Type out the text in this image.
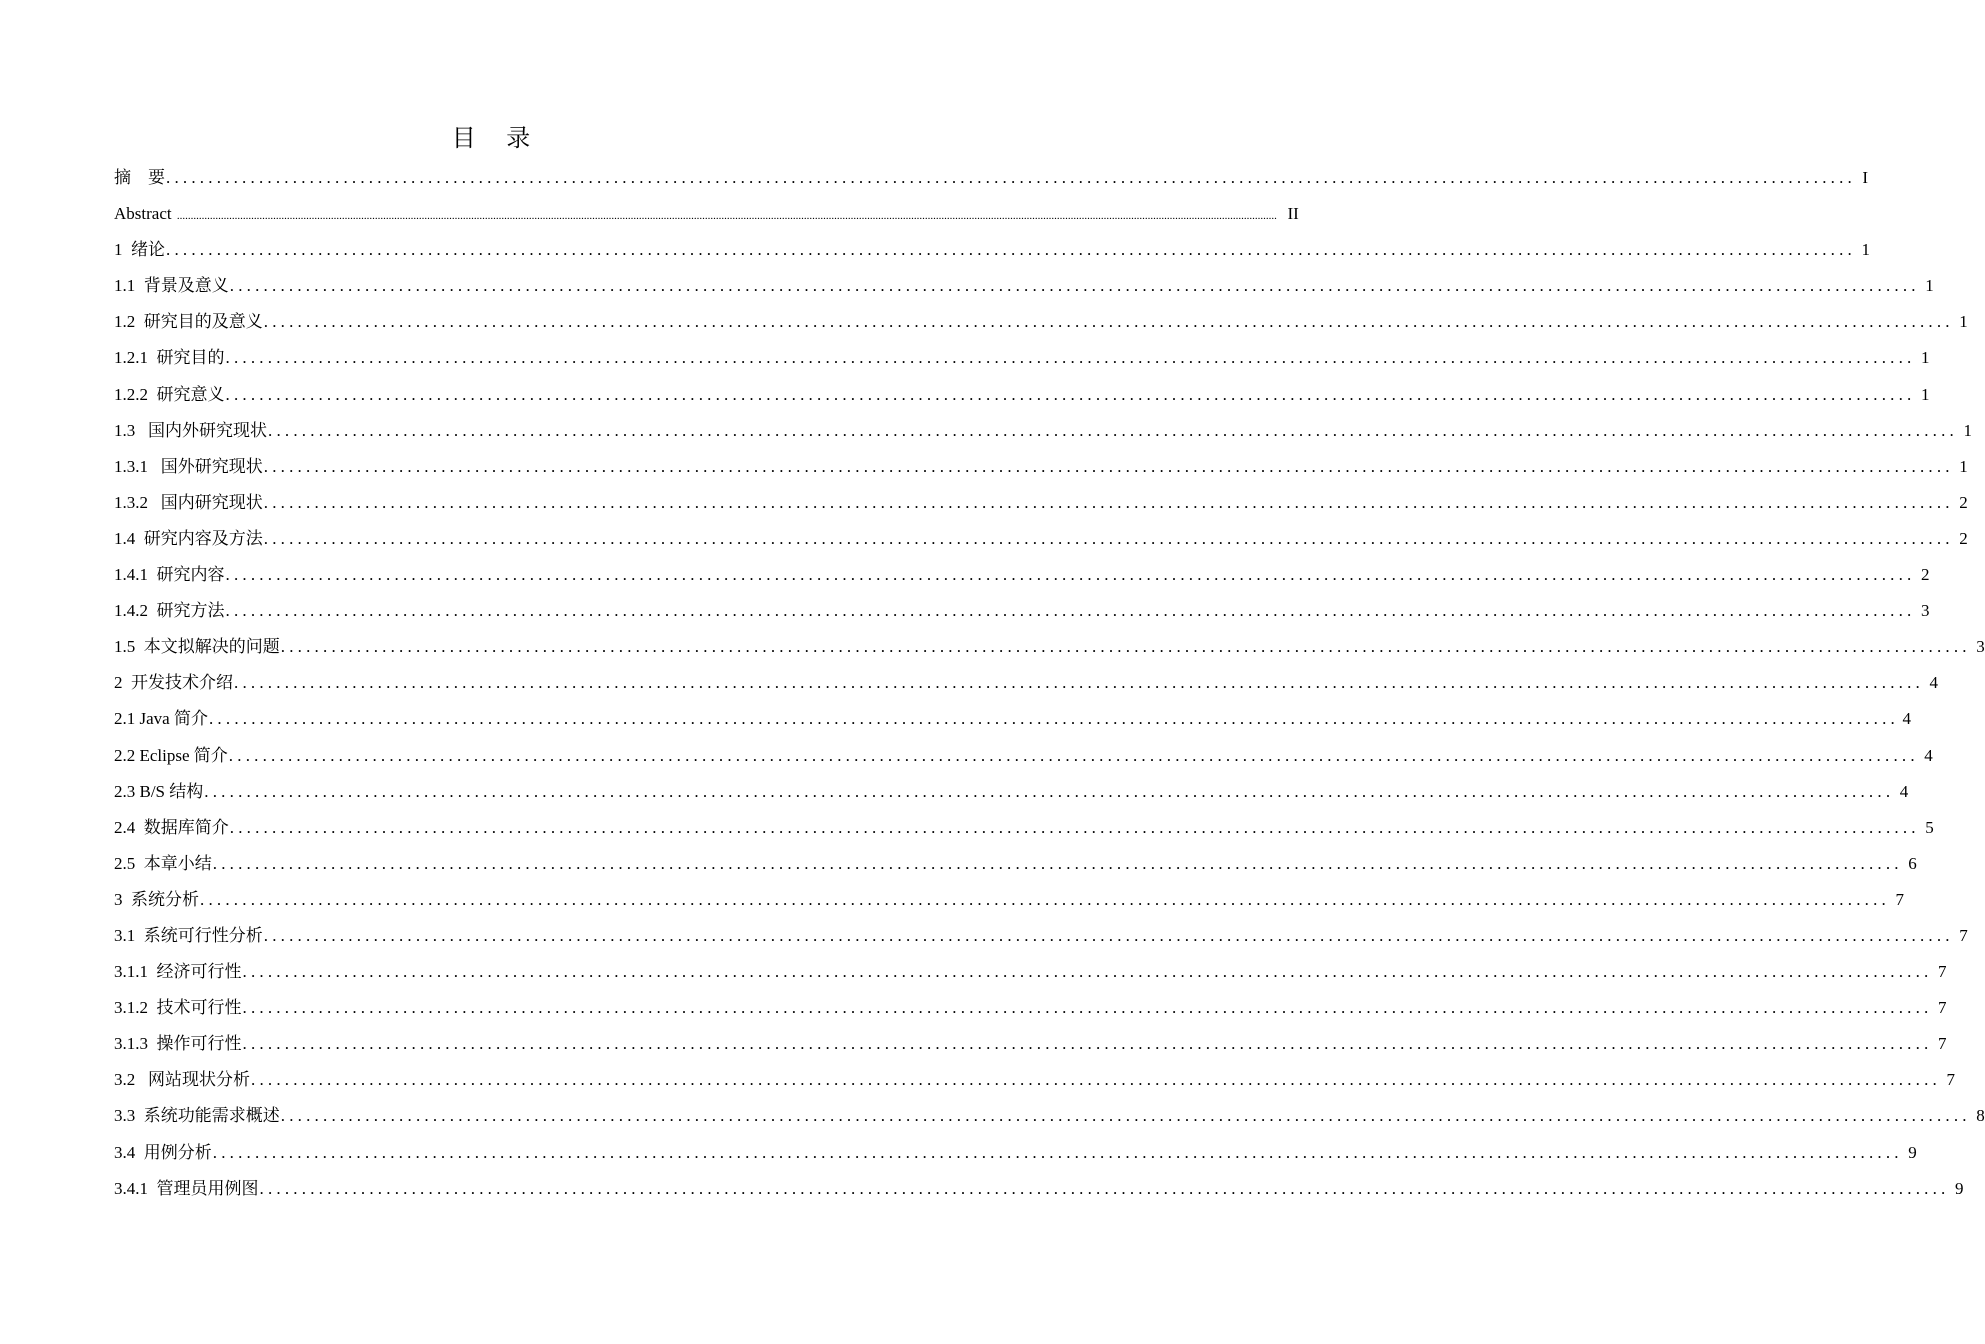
目    录
摘    要 ........................................................................................................................................................................................................ I
Abstract ................................................................................................................................................................................................................................................................................................................................................................................................................ II
1  绪论 ........................................................................................................................................................................................................ 1
1.1  背景及意义 ........................................................................................................................................................................................................ 1
1.2  研究目的及意义 ........................................................................................................................................................................................................ 1
1.2.1  研究目的 ........................................................................................................................................................................................................ 1
1.2.2  研究意义 ........................................................................................................................................................................................................ 1
1.3   国内外研究现状 ........................................................................................................................................................................................................ 1
1.3.1   国外研究现状 ........................................................................................................................................................................................................ 1
1.3.2   国内研究现状 ........................................................................................................................................................................................................ 2
1.4  研究内容及方法 ........................................................................................................................................................................................................ 2
1.4.1  研究内容 ........................................................................................................................................................................................................ 2
1.4.2  研究方法 ........................................................................................................................................................................................................ 3
1.5  本文拟解决的问题 ........................................................................................................................................................................................................ 3
2  开发技术介绍 ........................................................................................................................................................................................................ 4
2.1 Java 简介 ........................................................................................................................................................................................................ 4
2.2 Eclipse 简介 ........................................................................................................................................................................................................ 4
2.3 B/S 结构 ........................................................................................................................................................................................................ 4
2.4  数据库简介 ........................................................................................................................................................................................................ 5
2.5  本章小结 ........................................................................................................................................................................................................ 6
3  系统分析 ........................................................................................................................................................................................................ 7
3.1  系统可行性分析 ........................................................................................................................................................................................................ 7
3.1.1  经济可行性 ........................................................................................................................................................................................................ 7
3.1.2  技术可行性 ........................................................................................................................................................................................................ 7
3.1.3  操作可行性 ........................................................................................................................................................................................................ 7
3.2   网站现状分析 ........................................................................................................................................................................................................ 7
3.3  系统功能需求概述 ........................................................................................................................................................................................................ 8
3.4  用例分析 ........................................................................................................................................................................................................ 9
3.4.1  管理员用例图 ........................................................................................................................................................................................................ 9
